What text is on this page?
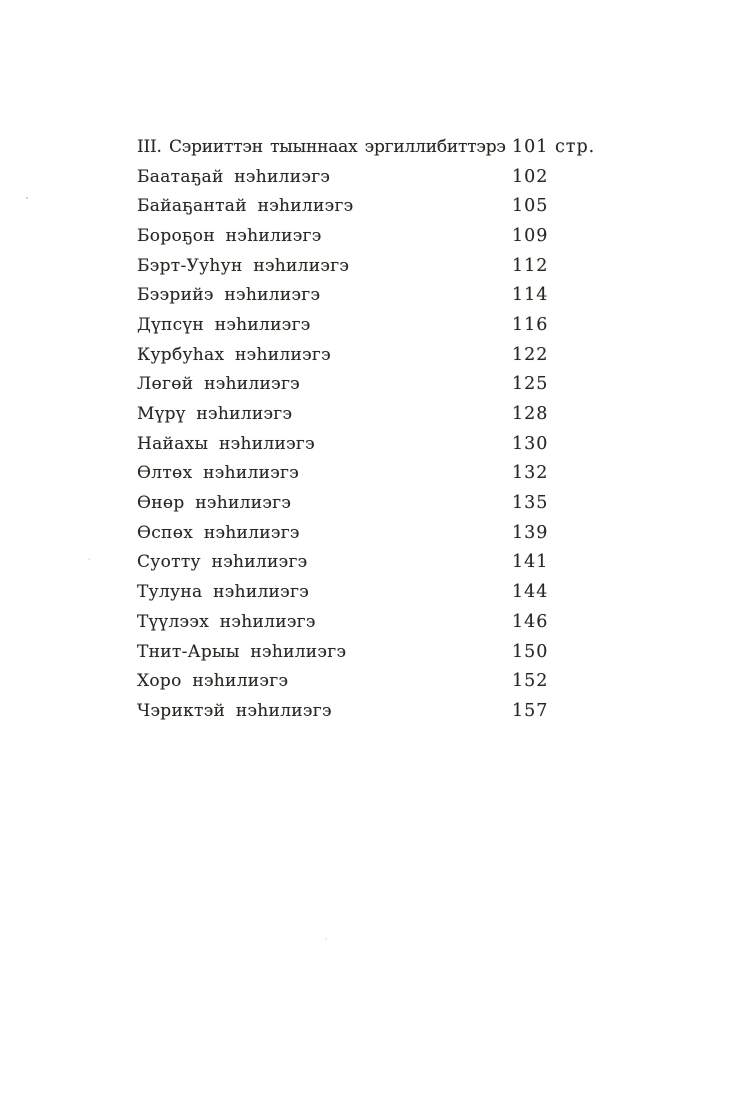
III. Сэрииттэн тыыннаах эргиллибиттэрэ 101 стр.
Баатаҕай нэһилиэгэ	102
Байаҕантай нэһилиэгэ	105
Бороҕон нэһилиэгэ	109
Бэрт-Ууһун нэһилиэгэ	112
Бээрийэ нэһилиэгэ	114
Дүпсүн нэһилиэгэ	116
Курбуһах нэһилиэгэ	122
Лөгөй нэһилиэгэ	125
Мүрү нэһилиэгэ	128
Найахы нэһилиэгэ	130
Өлтөх нэһилиэгэ	132
Өнөр нэһилиэгэ	135
Өспөх нэһилиэгэ	139
Суотту нэһилиэгэ	141
Тулуна нэһилиэгэ	144
Түүлээх нэһилиэгэ	146
Тнит-Арыы нэһилиэгэ	150
Хоро нэһилиэгэ	152
Чэриктэй нэһилиэгэ	157
